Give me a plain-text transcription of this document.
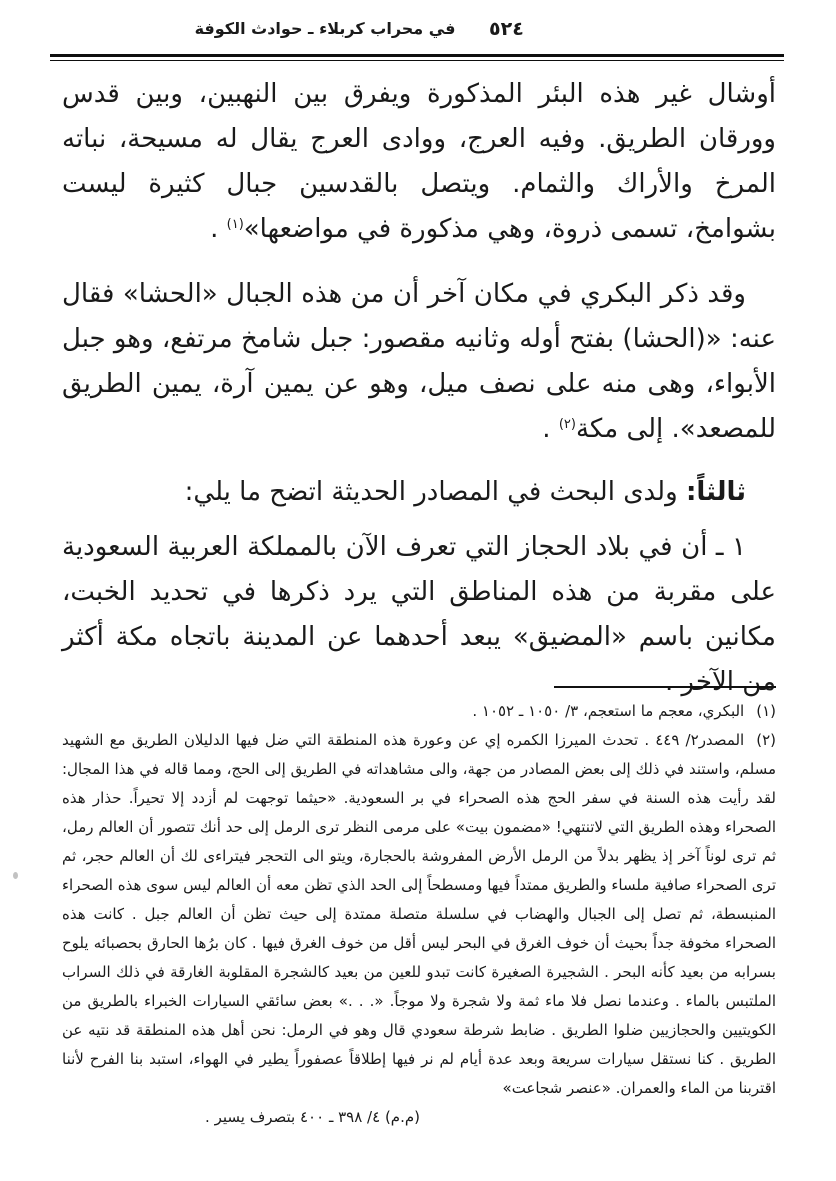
في محراب كربلاء ـ حوادث الكوفة	٥٢٤

أوشال غير هذه البئر المذكورة ويفرق بين النهبين، وبين قدس وورقان الطريق. وفيه العرج، ووادى العرج يقال له مسيحة، نباته المرخ والأراك والثمام. ويتصل بالقدسين جبال كثيرة ليست بشوامخ، تسمى ذروة، وهي مذكورة في مواضعها»$^{(١)}$ .

وقد ذكر البكري في مكان آخر أن من هذه الجبال «الحشا» فقال عنه: «(الحشا) بفتح أوله وثانيه مقصور: جبل شامخ مرتفع، وهو جبل الأبواء، وهى منه على نصف ميل، وهو عن يمين آرة، يمين الطريق للمصعد». إلى مكة$^{(٢)}$ .

ثالثاً: ولدى البحث في المصادر الحديثة اتضح ما يلي:

١ ـ أن في بلاد الحجاز التي تعرف الآن بالمملكة العربية السعودية على مقربة من هذه المناطق التي يرد ذكرها في تحديد الخبت، مكانين باسم «المضيق» يبعد أحدهما عن المدينة باتجاه مكة أكثر من الآخر .

(١)البكري، معجم ما استعجم، ٣/ ١٠٥٠ ـ ١٠٥٢ .

(٢)المصدر٢/ ٤٤٩ . تحدث الميرزا الكمره إي عن وعورة هذه المنطقة التي ضل فيها الدليلان الطريق مع الشهيد مسلم، واستند في ذلك إلى بعض المصادر من جهة، والى مشاهداته في الطريق إلى الحج، ومما قاله في هذا المجال: لقد رأيت هذه السنة في سفر الحج هذه الصحراء في بر السعودية. «حيثما توجهت لم أزدد إلا تحيراً. حذار هذه الصحراء وهذه الطريق التي لاتنتهي! «مضمون بيت» على مرمى النظر ترى الرمل إلى حد أنك تتصور أن العالم رمل، ثم ترى لوناً آخر إذ يظهر بدلاً من الرمل الأرض المفروشة بالحجارة، ويتو الى التحجر فيتراءى لك أن العالم حجر، ثم ترى الصحراء صافية ملساء والطريق ممتداً فيها ومسطحاً إلى الحد الذي تظن معه أن العالم ليس سوى هذه الصحراء المنبسطة، ثم تصل إلى الجبال والهضاب في سلسلة متصلة ممتدة إلى حيث تظن أن العالم جبل . كانت هذه الصحراء مخوفة جداً بحيث أن خوف الغرق في البحر ليس أقل من خوف الغرق فيها . كان برُها الحارق بحصبائه يلوح بسرابه من بعيد كأنه البحر . الشجيرة الصغيرة كانت تبدو للعين من بعيد كالشجرة المقلوبة الغارقة في ذلك السراب الملتبس بالماء . وعندما نصل فلا ماء ثمة ولا شجرة ولا موجاً. «. . .» بعض سائقي السيارات الخبراء بالطريق من الكويتيين والحجازيين ضلوا الطريق . ضابط شرطة سعودي قال وهو في الرمل: نحن أهل هذه المنطقة قد نتيه عن الطريق . كنا نستقل سيارات سريعة وبعد عدة أيام لم نر فيها إطلاقاً عصفوراً يطير في الهواء، استبد بنا الفرح لأننا اقتربنا من الماء والعمران. «عنصر شجاعت»

(م.م) ٤/ ٣٩٨ ـ ٤٠٠ بتصرف يسير .
